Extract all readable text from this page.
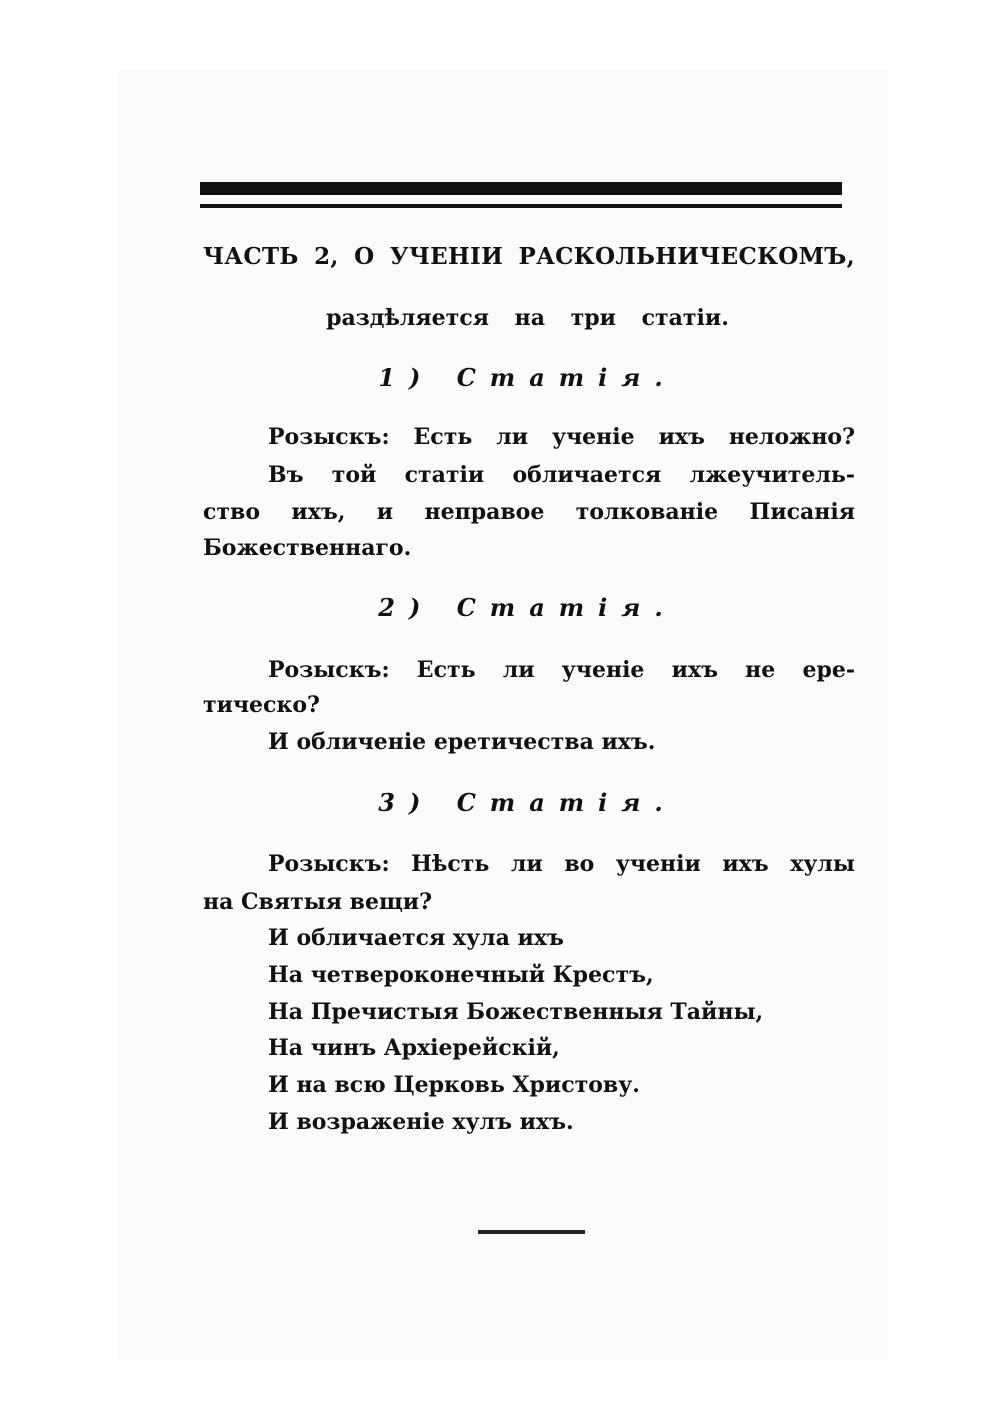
ЧАСТЬ 2, О УЧЕНІИ РАСКОЛЬНИЧЕСКОМЪ,
раздѣляется на три статіи.
1) Статія.
Розыскъ: Есть ли ученіе ихъ неложно?
Въ той статіи обличается лжеучитель-
ство ихъ, и неправое толкованіе Писанія
Божественнаго.
2) Статія.
Розыскъ: Есть ли ученіе ихъ не ере-
тическо?
И обличеніе еретичества ихъ.
3) Статія.
Розыскъ: Нѣсть ли во ученіи ихъ хулы
на Святыя вещи?
И обличается хула ихъ
На четвероконечный Крестъ,
На Пречистыя Божественныя Тайны,
На чинъ Архіерейскій,
И на всю Церковь Христову.
И возраженіе хулъ ихъ.
